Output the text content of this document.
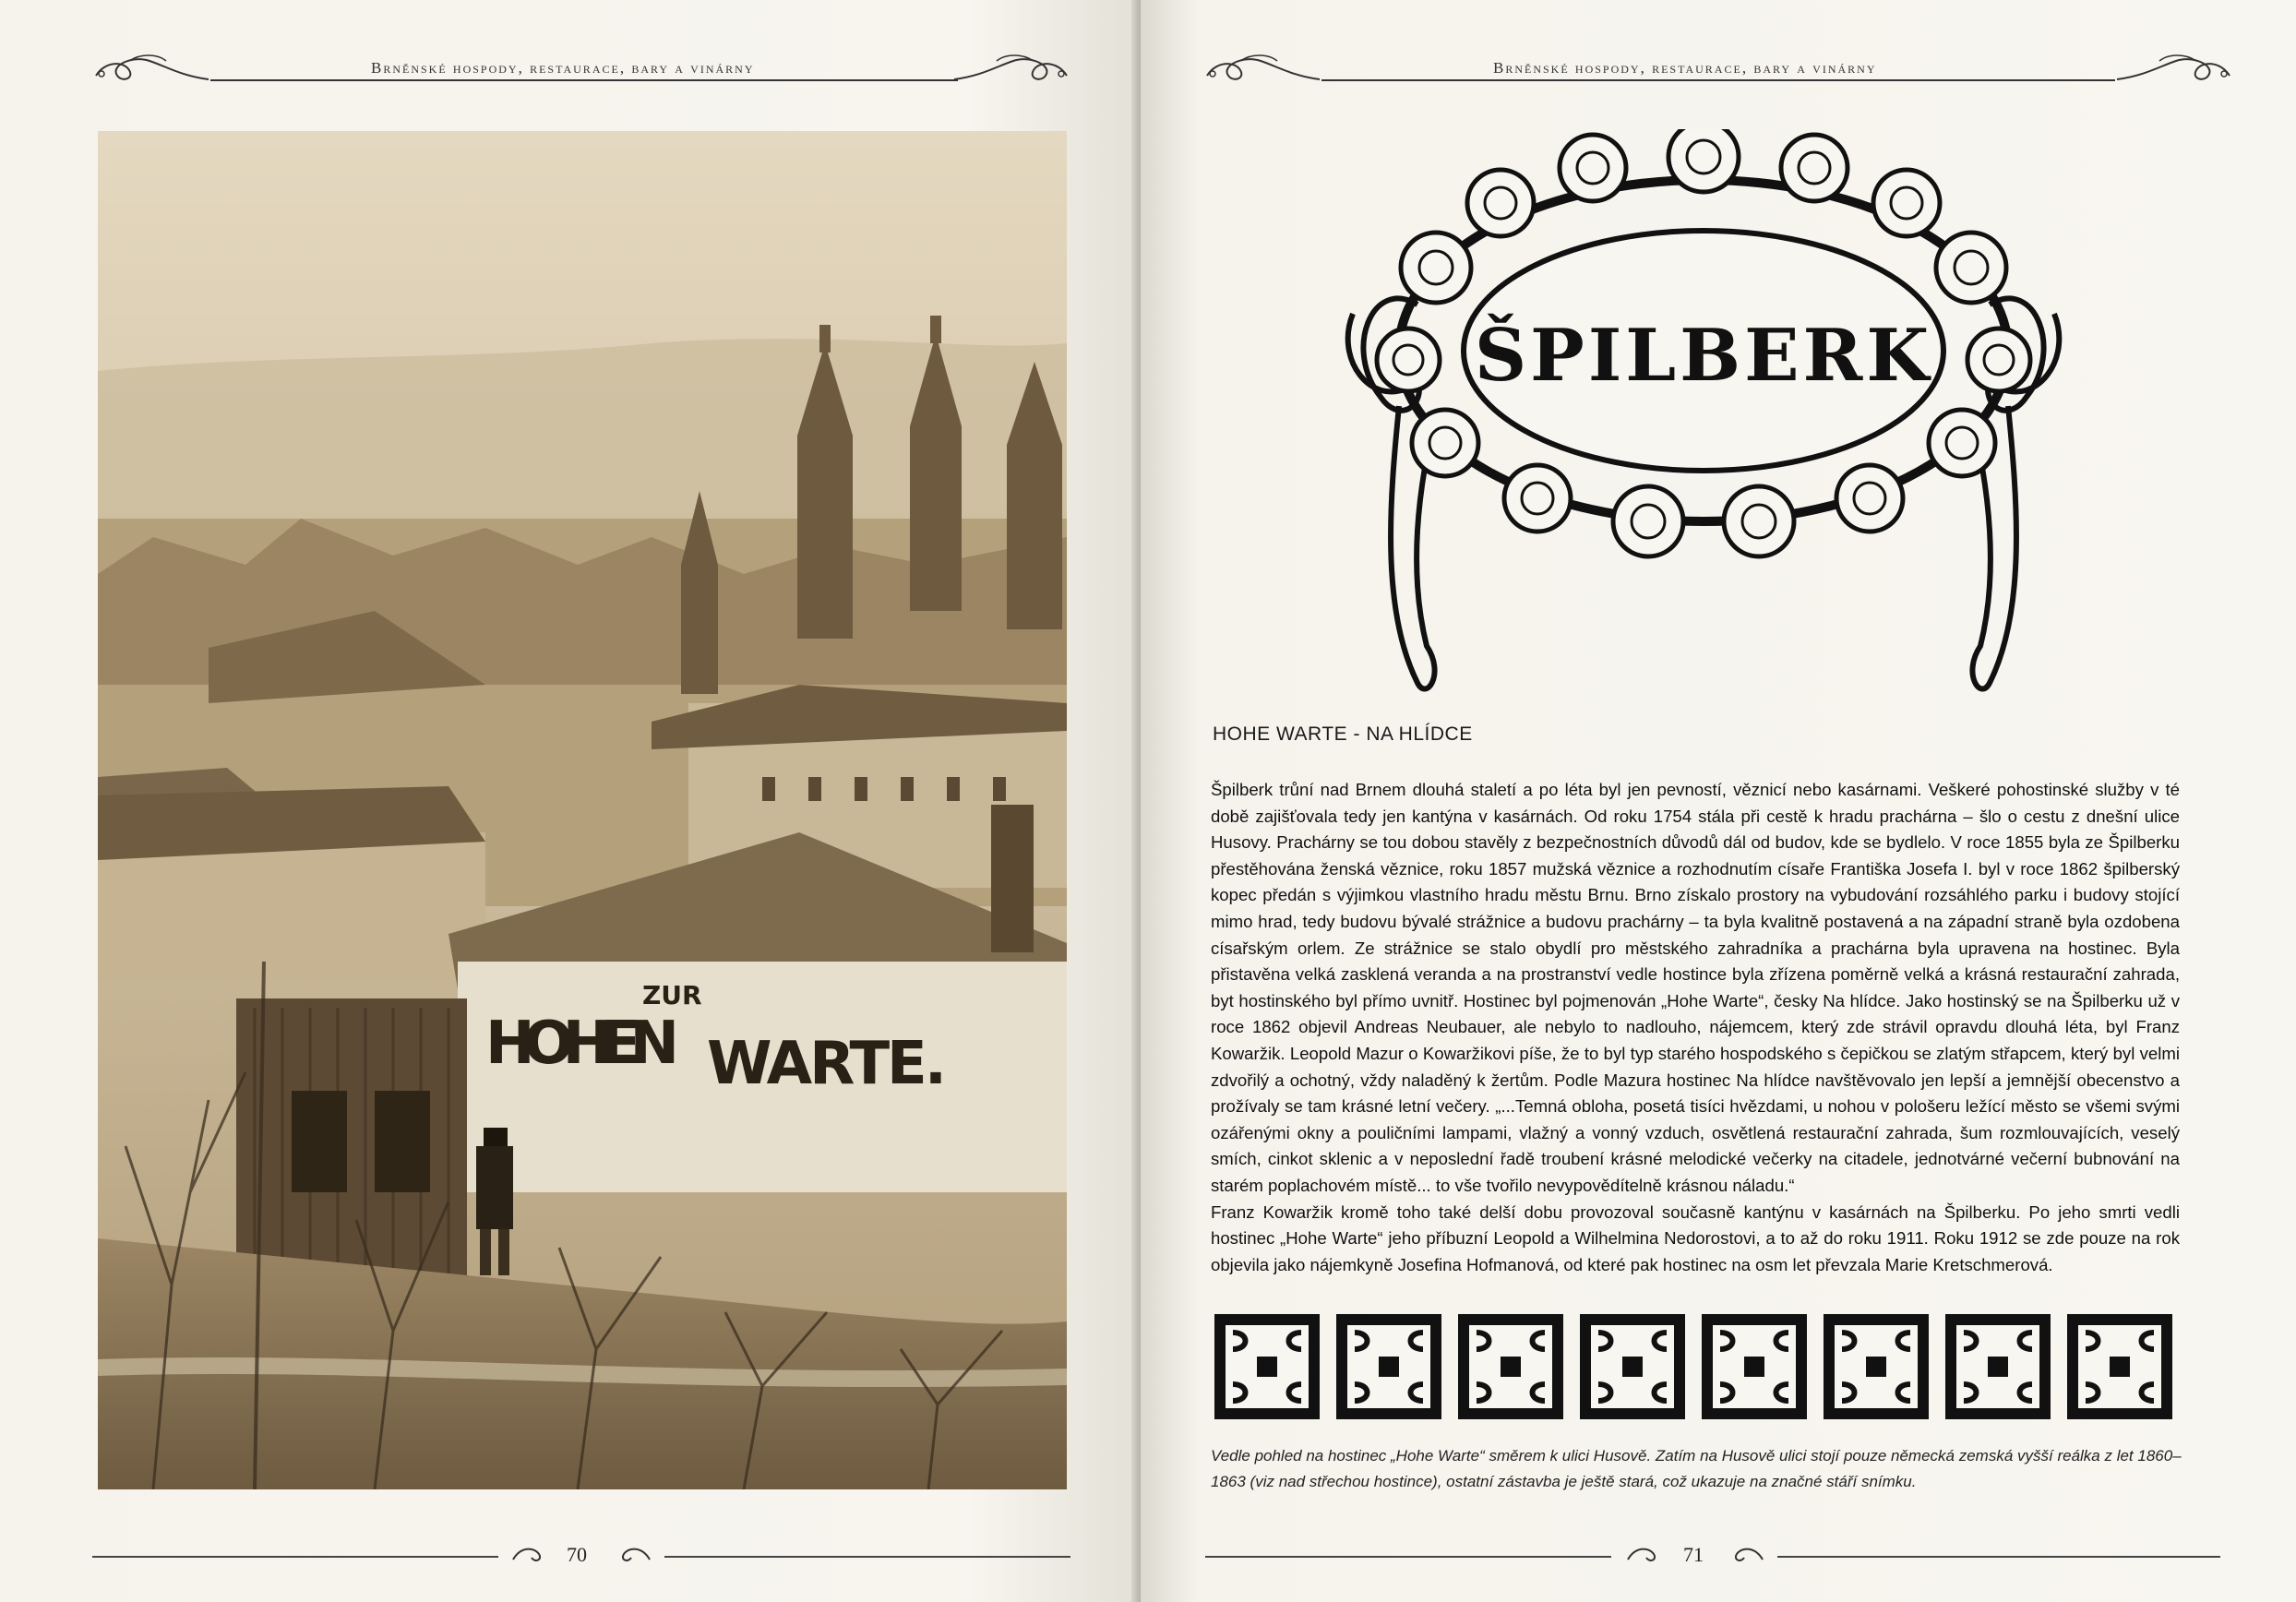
Brněnské hospody, restaurace, bary a vinárny
ZUR
HOHEN WARTE.
70
Brněnské hospody, restaurace, bary a vinárny
ŠPILBERK
HOHE WARTE - NA HLÍDCE

Špilberk trůní nad Brnem dlouhá staletí a po léta byl jen pevností, věznicí nebo kasárnami. Veškeré pohostinské služby v té době zajišťovala tedy jen kantýna v kasárnách. Od roku 1754 stála při cestě k hradu prachárna – šlo o cestu z dnešní ulice Husovy. Prachárny se tou dobou stavěly z bezpečnostních důvodů dál od budov, kde se bydlelo. V roce 1855 byla ze Špilberku přestěhována ženská věznice, roku 1857 mužská věznice a rozhodnutím císaře Františka Josefa I. byl v roce 1862 špilberský kopec předán s výjimkou vlastního hradu městu Brnu. Brno získalo prostory na vybudování rozsáhlého parku i budovy stojící mimo hrad, tedy budovu bývalé strážnice a budovu prachárny – ta byla kvalitně postavená a na západní straně byla ozdobena císařským orlem. Ze strážnice se stalo obydlí pro městského zahradníka a prachárna byla upravena na hostinec. Byla přistavěna velká zasklená veranda a na prostranství vedle hostince byla zřízena poměrně velká a krásná restaurační zahrada, byt hostinského byl přímo uvnitř. Hostinec byl pojmenován „Hohe Warte“, česky Na hlídce. Jako hostinský se na Špilberku už v roce 1862 objevil Andreas Neubauer, ale nebylo to nadlouho, nájemcem, který zde strávil opravdu dlouhá léta, byl Franz Kowaržik. Leopold Mazur o Kowaržikovi píše, že to byl typ starého hospodského s čepičkou se zlatým střapcem, který byl velmi zdvořilý a ochotný, vždy naladěný k žertům. Podle Mazura hostinec Na hlídce navštěvovalo jen lepší a jemnější obecenstvo a prožívaly se tam krásné letní večery. „...Temná obloha, posetá tisíci hvězdami, u nohou v pološeru ležící město se všemi svými ozářenými okny a pouličními lampami, vlažný a vonný vzduch, osvětlená restaurační zahrada, šum rozmlouvajících, veselý smích, cinkot sklenic a v neposlední řadě troubení krásné melodické večerky na citadele, jednotvárné večerní bubnování na starém poplachovém místě... to vše tvořilo nevypovědítelně krásnou náladu.“

Franz Kowaržik kromě toho také delší dobu provozoval současně kantýnu v kasárnách na Špilberku. Po jeho smrti vedli hostinec „Hohe Warte“ jeho příbuzní Leopold a Wilhelmina Nedorostovi, a to až do roku 1911. Roku 1912 se zde pouze na rok objevila jako nájemkyně Josefina Hofmanová, od které pak hostinec na osm let převzala Marie Kretschmerová.

Vedle pohled na hostinec „Hohe Warte“ směrem k ulici Husově. Zatím na Husově ulici stojí pouze německá zemská vyšší reálka z let 1860–1863 (viz nad střechou hostince), ostatní zástavba je ještě stará, což ukazuje na značné stáří snímku.
71
